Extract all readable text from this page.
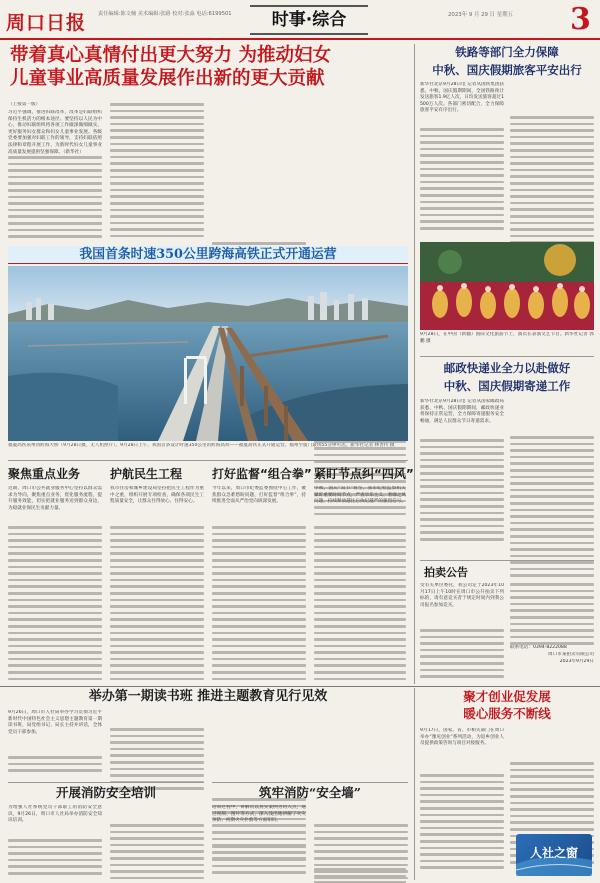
周口日报 责任编辑:陈文楠 美术编辑:张路 校对:张淼 电话:6199501	时事·综合	2023年 9 月 29 日 星期五 3
带着真心真情付出更大努力 为推动妇女
儿童事业高质量发展作出新的更大贡献
（上接第一版）
习近平强调，推进妇联改革，改革是妇联组织保持生机活力的根本途径。要坚持以人民为中心，推动妇联组织将各项工作做深做细做实，更好服务妇女群众和妇女儿童事业发展。各级党委要加强对妇联工作的领导，支持妇联依照法律和章程开展工作，为新时代妇女儿童事业高质量发展提供坚强保障。（新华社）
我国首条时速350公里跨海高铁正式开通运营
福厦高铁泉州湾跨海大桥（9月28日摄，无人机照片）。9月28日上午，我国首条设计时速350公里的跨海高铁——福厦高铁正式开通运营。福州至厦门最快55分钟可达。新华社记者 林善传 摄
聚焦重点业务
近期，周口市公共就业服务中心坚持以群众需求为导向，聚焦重点业务，优化服务流程，提升服务效能，切实把就业服务送到群众身边，为稳就业保民生贡献力量。
护航民生工程
我市住房和城乡建设局坚持把民生工程作为重中之重，组织开展专项检查，确保各项民生工程质量安全，让群众住得放心、住得安心。
打好监督“组合拳”
今年以来，周口市纪委监委围绕中心工作，聚焦群众急难愁盼问题，打好监督“组合拳”，持续推进全面从严治党向纵深发展。
紧盯节点纠“四风”
中秋、国庆“双节”将至，我市纪检监察机关紧盯重要时间节点，严查享乐主义、奢靡之风问题，持续释放越往后执纪越严的强烈信号。
铁路等部门全力保障
中秋、国庆假期旅客平安出行
新华社北京9月28日电 记者从国铁集团获悉，中秋、国庆假期期间，全国铁路预计发送旅客1.9亿人次，日均发送旅客超过1500万人次。各部门密切配合，全力保障旅客平安有序出行。
9月28日，在中国（新疆）国际文化旅游节上，演员在表演文艺节目。新华社记者 郭鹏 摄
邮政快递业全力以赴做好
中秋、国庆假期寄递工作
新华社北京9月28日电 记者从国家邮政局获悉，中秋、国庆假期期间，邮政快递业将保持正常运营，全力保障寄递服务安全畅通，满足人民群众节日寄递需求。
拍卖公告
受有关单位委托，我公司定于2023年10月17日上午10时在周口市公开拍卖下列标的，请有意竞买者于规定时间内到我公司报名参加竞买。
联系电话：0394-8222088
周口市某拍卖有限公司
2023年9月29日
举办第一期读书班 推进主题教育见行见效
9月26日，周口市人社局举办学习贯彻习近平新时代中国特色社会主义思想主题教育第一期读书班，局党组书记、局长主持并讲话，全体党员干部参加。
开展消防安全培训
为增强人社系统党员干部职工的消防安全意识，9月26日，周口市人社局举办消防安全知识培训。
筑牢消防“安全墙”
培训过程中，讲解员以真实案例为切入点，通过视频、图片等方式，深入浅出地讲解了火灾预防、初期火灾扑救等方面知识。
聚才创业促发展
暖心服务不断线
9月17日，国家、省、市相关部门在周口举办“豫见创业”系列活动，为返乡创业人员提供政策咨询与项目对接服务。
人社之窗
